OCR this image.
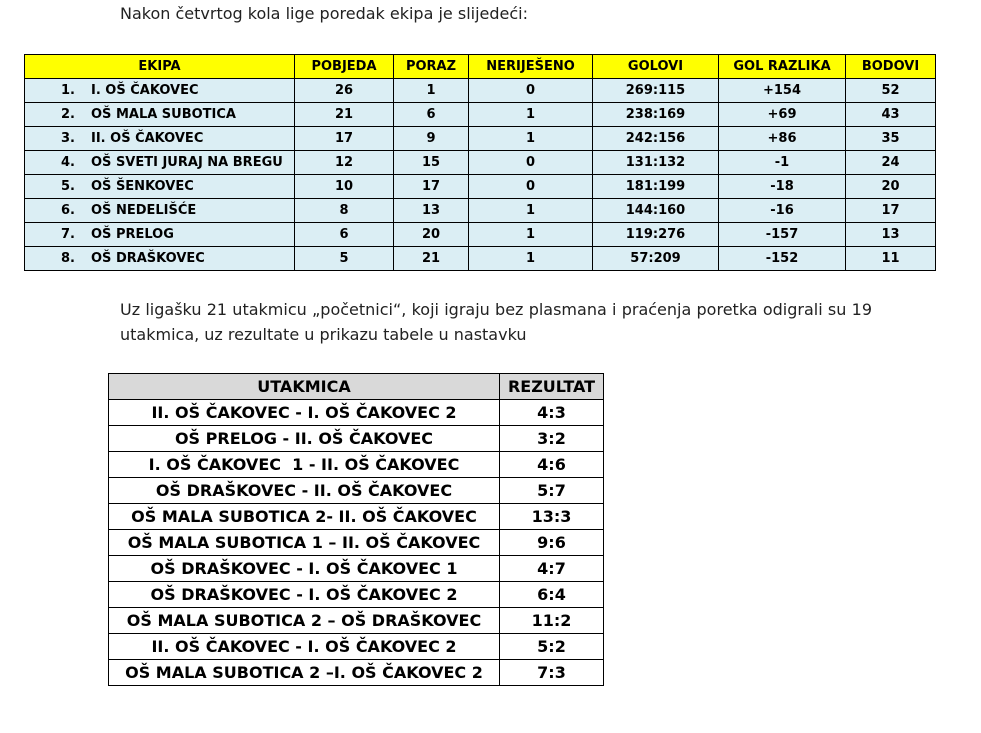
Nakon četvrtog kola lige poredak ekipa je slijedeći:
EKIPA	POBJEDA	PORAZ	NERIJEŠENO	GOLOVI	GOL RAZLIKA	BODOVI
1. I. OŠ ČAKOVEC	26	1	0	269:115	+154	52
2. OŠ MALA SUBOTICA	21	6	1	238:169	+69	43
3. II. OŠ ČAKOVEC	17	9	1	242:156	+86	35
4. OŠ SVETI JURAJ NA BREGU	12	15	0	131:132	-1	24
5. OŠ ŠENKOVEC	10	17	0	181:199	-18	20
6. OŠ NEDELIŠĆE	8	13	1	144:160	-16	17
7. OŠ PRELOG	6	20	1	119:276	-157	13
8. OŠ DRAŠKOVEC	5	21	1	57:209	-152	11
Uz ligašku 21 utakmicu „početnici“, koji igraju bez plasmana i praćenja poretka odigrali su 19 utakmica, uz rezultate u prikazu tabele u nastavku
UTAKMICA	REZULTAT
II. OŠ ČAKOVEC - I. OŠ ČAKOVEC 2	4:3
OŠ PRELOG - II. OŠ ČAKOVEC	3:2
I. OŠ ČAKOVEC  1 - II. OŠ ČAKOVEC	4:6
OŠ DRAŠKOVEC - II. OŠ ČAKOVEC	5:7
OŠ MALA SUBOTICA 2- II. OŠ ČAKOVEC	13:3
OŠ MALA SUBOTICA 1 – II. OŠ ČAKOVEC	9:6
OŠ DRAŠKOVEC - I. OŠ ČAKOVEC 1	4:7
OŠ DRAŠKOVEC - I. OŠ ČAKOVEC 2	6:4
OŠ MALA SUBOTICA 2 – OŠ DRAŠKOVEC	11:2
II. OŠ ČAKOVEC - I. OŠ ČAKOVEC 2	5:2
OŠ MALA SUBOTICA 2 –I. OŠ ČAKOVEC 2	7:3
